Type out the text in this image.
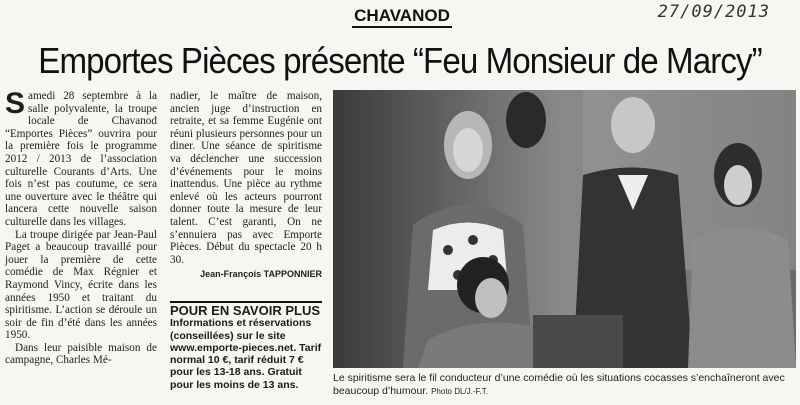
27/09/2013
CHAVANOD
Emportes Pièces présente “Feu Monsieur de Marcy”
S amedi 28 septembre à la salle polyvalente, la troupe locale de Chavanod “Emportes Pièces” ouvrira pour la première fois le programme 2012 / 2013 de l’association culturelle Courants d’Arts. Une fois n’est pas coutume, ce sera une ouverture avec le théâtre qui lancera cette nouvelle saison culturelle dans les villages.

La troupe dirigée par Jean-Paul Paget a beaucoup travaillé pour jouer la première de cette comédie de Max Régnier et Raymond Vincy, écrite dans les années 1950 et traitant du spiritisme. L’action se déroule un soir de fin d’été dans les années 1950.

Dans leur paisible maison de campagne, Charles Mé-

nadier, le maître de maison, ancien juge d’instruction en retraite, et sa femme Eugénie ont réuni plusieurs personnes pour un diner. Une séance de spiritisme va déclencher une succession d’événements pour le moins inattendus. Une pièce au rythme enlevé où les acteurs pourront donner toute la mesure de leur talent. C’est garanti, On ne s’ennuiera pas avec Emporte Pièces. Début du spectacle 20 h 30.

Jean-François TAPPONNIER
POUR EN SAVOIR PLUS
Informations et réservations (conseillées) sur le site www.emporte-pieces.net. Tarif normal 10 €, tarif réduit 7 € pour les 13-18 ans. Gratuit pour les moins de 13 ans.
Le spiritisme sera le fil conducteur d’une comédie où les situations cocasses s’enchaîneront avec beaucoup d’humour. Photo DL/J.-F.T.
